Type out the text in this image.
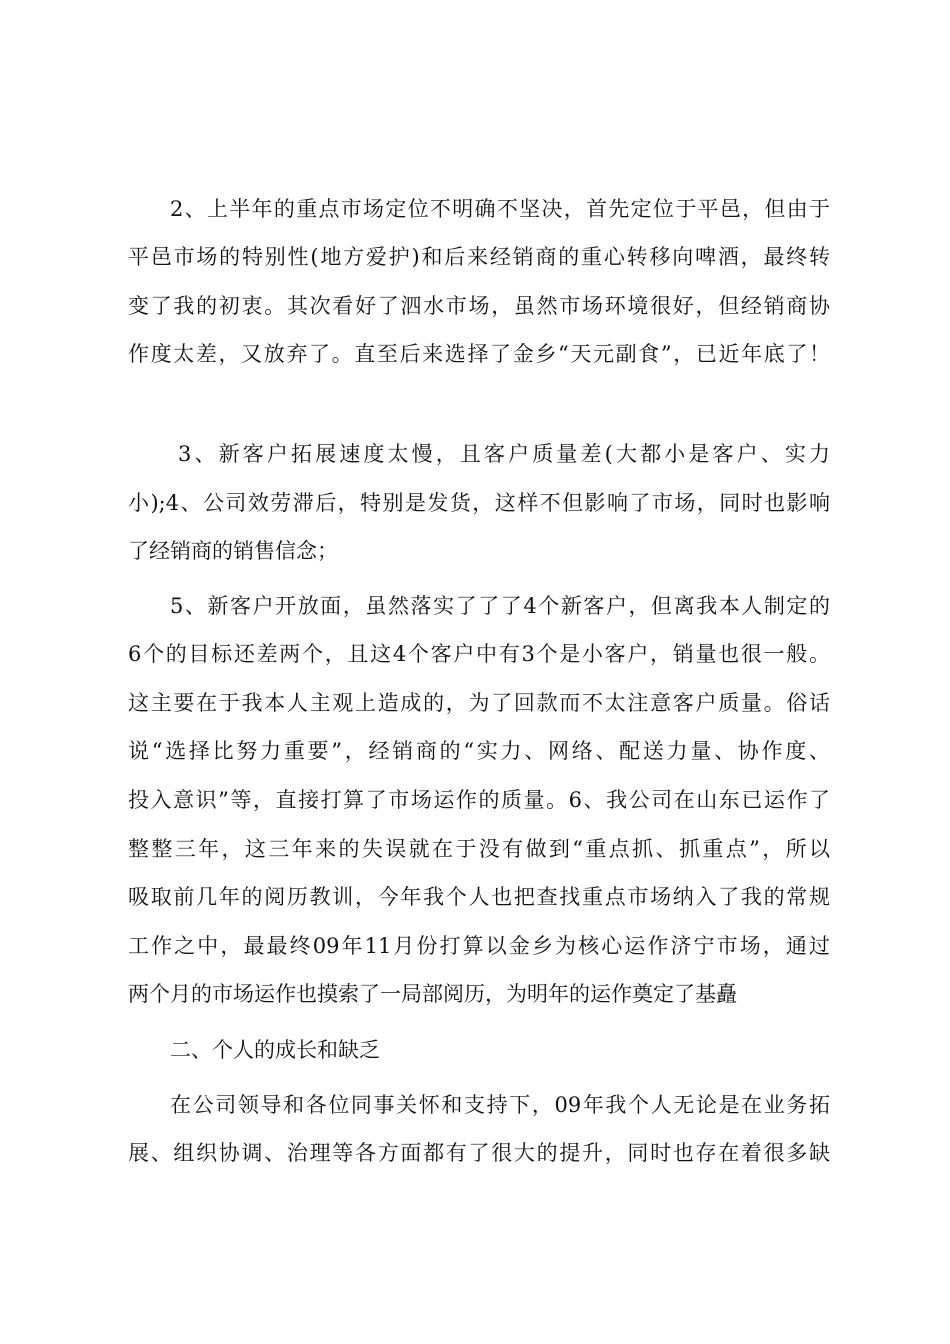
2、上半年的重点市场定位不明确不坚决，首先定位于平邑，但由于
平邑市场的特别性(地方爱护)和后来经销商的重心转移向啤酒，最终转
变了我的初衷。其次看好了泗水市场，虽然市场环境很好，但经销商协
作度太差，又放弃了。直至后来选择了金乡“天元副食”，已近年底了！
3、新客户拓展速度太慢，且客户质量差(大都小是客户、实力
小);4、公司效劳滞后，特别是发货，这样不但影响了市场，同时也影响
了经销商的销售信念；
5、新客户开放面，虽然落实了了了4个新客户，但离我本人制定的
6个的目标还差两个，且这4个客户中有3个是小客户，销量也很一般。
这主要在于我本人主观上造成的，为了回款而不太注意客户质量。俗话
说“选择比努力重要”，经销商的“实力、网络、配送力量、协作度、
投入意识”等，直接打算了市场运作的质量。6、我公司在山东已运作了
整整三年，这三年来的失误就在于没有做到“重点抓、抓重点”，所以
吸取前几年的阅历教训，今年我个人也把查找重点市场纳入了我的常规
工作之中，最最终09年11月份打算以金乡为核心运作济宁市场，通过
两个月的市场运作也摸索了一局部阅历，为明年的运作奠定了基矗
二、个人的成长和缺乏
在公司领导和各位同事关怀和支持下，09年我个人无论是在业务拓
展、组织协调、治理等各方面都有了很大的提升，同时也存在着很多缺
